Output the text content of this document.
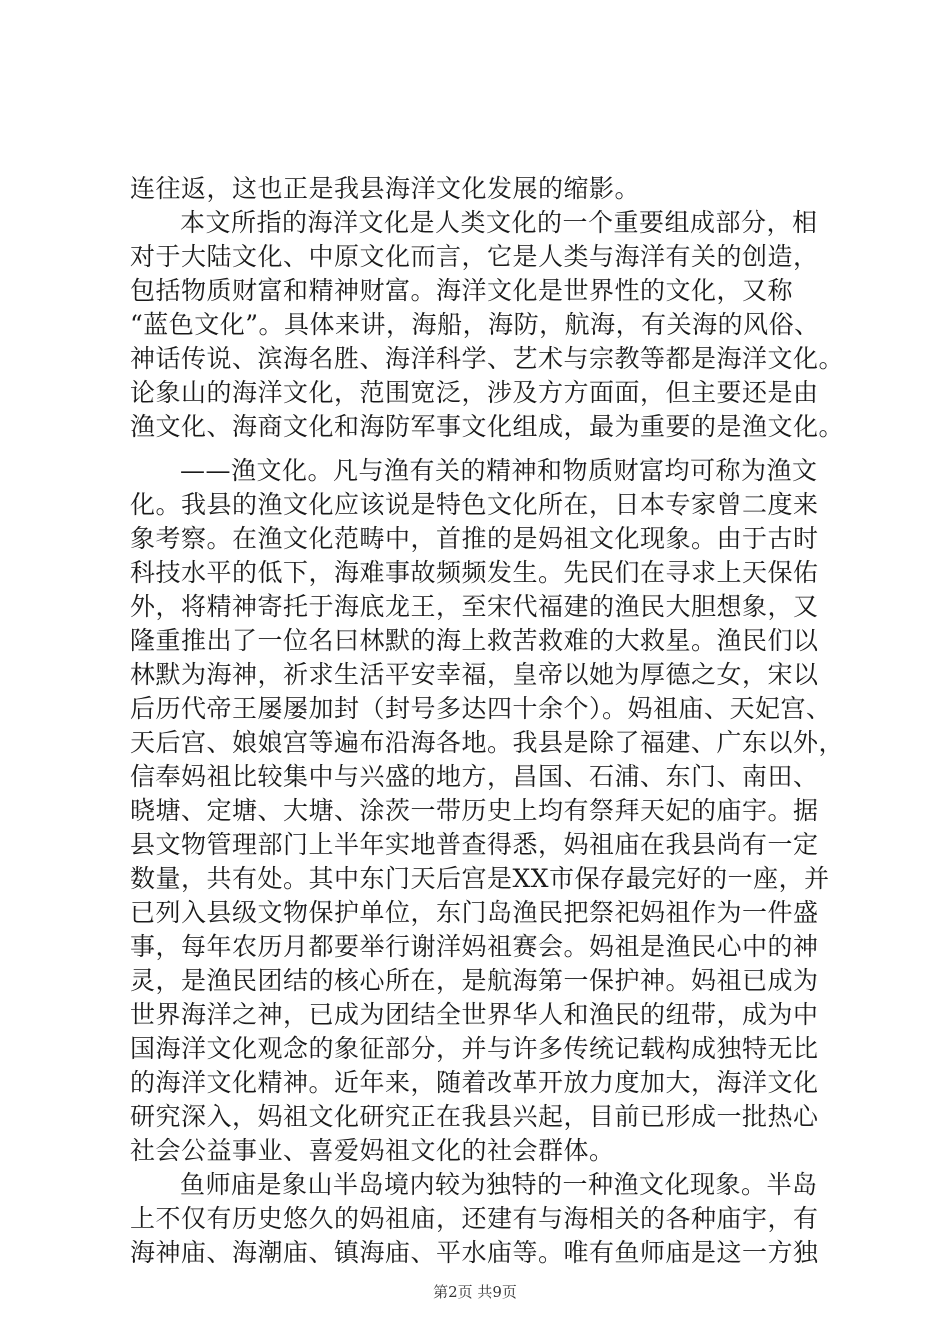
连往返，这也正是我县海洋文化发展的缩影。
本文所指的海洋文化是人类文化的一个重要组成部分，相
对于大陆文化、中原文化而言，它是人类与海洋有关的创造，
包括物质财富和精神财富。海洋文化是世界性的文化，又称
“蓝色文化”。具体来讲，海船，海防，航海，有关海的风俗、
神话传说、滨海名胜、海洋科学、艺术与宗教等都是海洋文化。
论象山的海洋文化，范围宽泛，涉及方方面面，但主要还是由
渔文化、海商文化和海防军事文化组成，最为重要的是渔文化。
——渔文化。凡与渔有关的精神和物质财富均可称为渔文
化。我县的渔文化应该说是特色文化所在，日本专家曾二度来
象考察。在渔文化范畴中，首推的是妈祖文化现象。由于古时
科技水平的低下，海难事故频频发生。先民们在寻求上天保佑
外，将精神寄托于海底龙王，至宋代福建的渔民大胆想象，又
隆重推出了一位名曰林默的海上救苦救难的大救星。渔民们以
林默为海神，祈求生活平安幸福，皇帝以她为厚德之女，宋以
后历代帝王屡屡加封（封号多达四十余个）。妈祖庙、天妃宫、
天后宫、娘娘宫等遍布沿海各地。我县是除了福建、广东以外，
信奉妈祖比较集中与兴盛的地方，昌国、石浦、东门、南田、
晓塘、定塘、大塘、涂茨一带历史上均有祭拜天妃的庙宇。据
县文物管理部门上半年实地普查得悉，妈祖庙在我县尚有一定
数量，共有处。其中东门天后宫是XX市保存最完好的一座，并
已列入县级文物保护单位，东门岛渔民把祭祀妈祖作为一件盛
事，每年农历月都要举行谢洋妈祖赛会。妈祖是渔民心中的神
灵，是渔民团结的核心所在，是航海第一保护神。妈祖已成为
世界海洋之神，已成为团结全世界华人和渔民的纽带，成为中
国海洋文化观念的象征部分，并与许多传统记载构成独特无比
的海洋文化精神。近年来，随着改革开放力度加大，海洋文化
研究深入，妈祖文化研究正在我县兴起，目前已形成一批热心
社会公益事业、喜爱妈祖文化的社会群体。
鱼师庙是象山半岛境内较为独特的一种渔文化现象。半岛
上不仅有历史悠久的妈祖庙，还建有与海相关的各种庙宇，有
海神庙、海潮庙、镇海庙、平水庙等。唯有鱼师庙是这一方独
第2页 共9页
